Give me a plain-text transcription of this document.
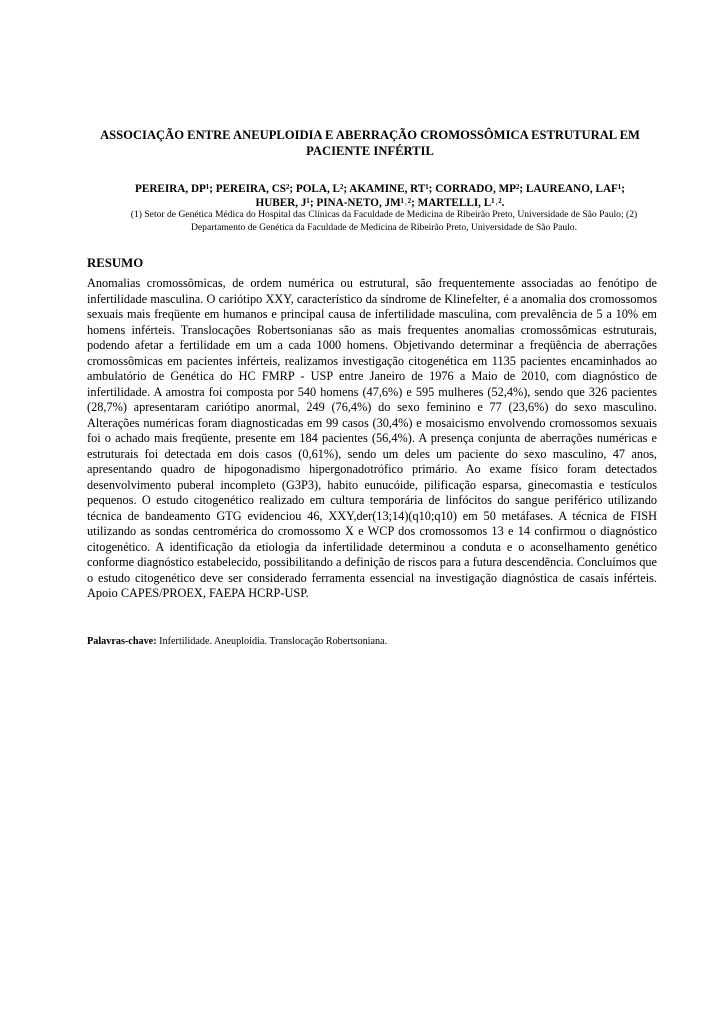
ASSOCIAÇÃO ENTRE ANEUPLOIDIA E ABERRAÇÃO CROMOSSÔMICA ESTRUTURAL EM PACIENTE INFÉRTIL
PEREIRA, DP¹; PEREIRA, CS²; POLA, L²; AKAMINE, RT¹; CORRADO, MP²; LAUREANO, LAF¹; HUBER, J¹; PINA-NETO, JM¹˒²; MARTELLI, L¹˒².
(1) Setor de Genética Médica do Hospital das Clínicas da Faculdade de Medicina de Ribeirão Preto, Universidade de São Paulo; (2) Departamento de Genética da Faculdade de Medicina de Ribeirão Preto, Universidade de São Paulo.
RESUMO
Anomalias cromossômicas, de ordem numérica ou estrutural, são frequentemente associadas ao fenótipo de infertilidade masculina. O cariótipo XXY, característico da síndrome de Klinefelter, é a anomalia dos cromossomos sexuais mais freqüente em humanos e principal causa de infertilidade masculina, com prevalência de 5 a 10% em homens inférteis. Translocações Robertsonianas são as mais frequentes anomalias cromossômicas estruturais, podendo afetar a fertilidade em um a cada 1000 homens. Objetivando determinar a freqüência de aberrações cromossômicas em pacientes inférteis, realizamos investigação citogenética em 1135 pacientes encaminhados ao ambulatório de Genética do HC FMRP - USP entre Janeiro de 1976 a Maio de 2010, com diagnóstico de infertilidade. A amostra foi composta por 540 homens (47,6%) e 595 mulheres (52,4%), sendo que 326 pacientes (28,7%) apresentaram cariótipo anormal, 249 (76,4%) do sexo feminino e 77 (23,6%) do sexo masculino. Alterações numéricas foram diagnosticadas em 99 casos (30,4%) e mosaicismo envolvendo cromossomos sexuais foi o achado mais freqüente, presente em 184 pacientes (56,4%). A presença conjunta de aberrações numéricas e estruturais foi detectada em dois casos (0,61%), sendo um deles um paciente do sexo masculino, 47 anos, apresentando quadro de hipogonadismo hipergonadotrófico primário. Ao exame físico foram detectados desenvolvimento puberal incompleto (G3P3), habito eunucóide, pilificação esparsa, ginecomastia e testículos pequenos. O estudo citogenético realizado em cultura temporária de linfócitos do sangue periférico utilizando técnica de bandeamento GTG evidenciou 46, XXY,der(13;14)(q10;q10) em 50 metáfases. A técnica de FISH utilizando as sondas centromérica do cromossomo X e WCP dos cromossomos 13 e 14 confirmou o diagnóstico citogenético. A identificação da etiologia da infertilidade determinou a conduta e o aconselhamento genético conforme diagnóstico estabelecido, possibilitando a definição de riscos para a futura descendência. Concluímos que o estudo citogenético deve ser considerado ferramenta essencial na investigação diagnóstica de casais inférteis. Apoio CAPES/PROEX, FAEPA HCRP-USP.
Palavras-chave: Infertilidade. Aneuploidia. Translocação Robertsoniana.
